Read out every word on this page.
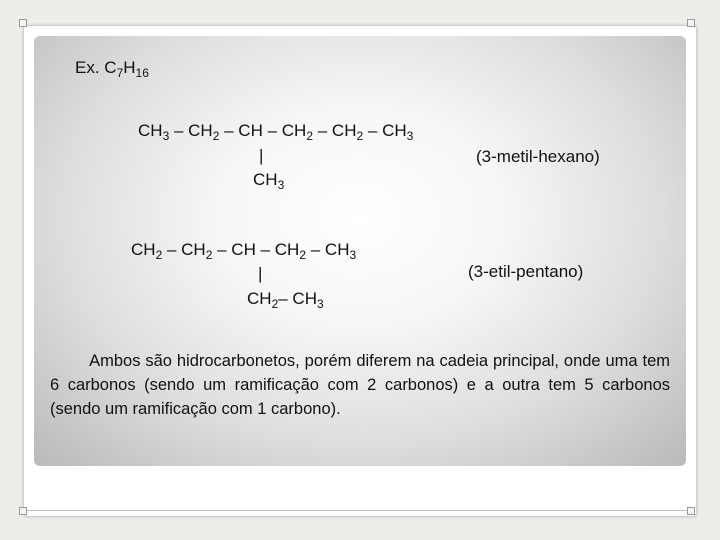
Ex. $C_7H_{16}$
$CH_3 - CH_2$ – CH – $CH_2 - CH_2 - CH_3$
|
$CH_3$
(3-metil-hexano)
$CH_2 - CH_2$ – CH – $CH_2 - CH_3$
|
$CH_2-$ $CH_3$
(3-etil-pentano)
Ambos são hidrocarbonetos, porém diferem na cadeia principal, onde uma tem 6 carbonos (sendo um ramificação com 2 carbonos) e a outra tem 5 carbonos (sendo um ramificação com 1 carbono).
